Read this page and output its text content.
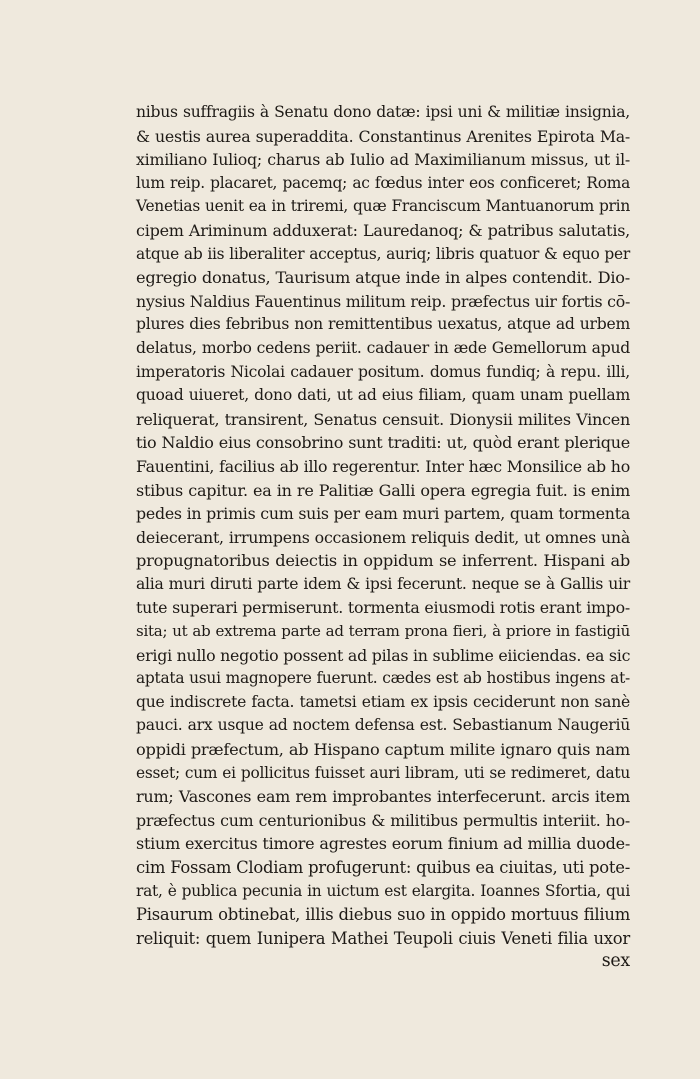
nibus suffragiis à Senatu dono datæ: ipsi uni & militiæ insignia,
& uestis aurea superaddita. Constantinus Arenites Epirota Ma-
ximiliano Iulioq; charus ab Iulio ad Maximilianum missus, ut il-
lum reip. placaret, pacemq; ac fœdus inter eos conficeret; Roma
Venetias uenit ea in triremi, quæ Franciscum Mantuanorum prin
cipem Ariminum adduxerat: Lauredanoq; & patribus salutatis,
atque ab iis liberaliter acceptus, auriq; libris quatuor & equo per
egregio donatus, Taurisum atque inde in alpes contendit. Dio-
nysius Naldius Fauentinus militum reip. præfectus uir fortis cō-
plures dies febribus non remittentibus uexatus, atque ad urbem
delatus, morbo cedens periit. cadauer in æde Gemellorum apud
imperatoris Nicolai cadauer positum. domus fundiq; à repu. illi,
quoad uiueret, dono dati, ut ad eius filiam, quam unam puellam
reliquerat, transirent, Senatus censuit. Dionysii milites Vincen
tio Naldio eius consobrino sunt traditi: ut, quòd erant plerique
Fauentini, facilius ab illo regerentur. Inter hæc Monsilice ab ho
stibus capitur. ea in re Palitiæ Galli opera egregia fuit. is enim
pedes in primis cum suis per eam muri partem, quam tormenta
deiecerant, irrumpens occasionem reliquis dedit, ut omnes unà
propugnatoribus deiectis in oppidum se inferrent. Hispani ab
alia muri diruti parte idem & ipsi fecerunt. neque se à Gallis uir
tute superari permiserunt. tormenta eiusmodi rotis erant impo-
sita; ut ab extrema parte ad terram prona fieri, à priore in fastigiū
erigi nullo negotio possent ad pilas in sublime eiiciendas. ea sic
aptata usui magnopere fuerunt. cædes est ab hostibus ingens at-
que indiscrete facta. tametsi etiam ex ipsis ceciderunt non sanè
pauci. arx usque ad noctem defensa est. Sebastianum Naugeriū
oppidi præfectum, ab Hispano captum milite ignaro quis nam
esset; cum ei pollicitus fuisset auri libram, uti se redimeret, datu
rum; Vascones eam rem improbantes interfecerunt. arcis item
præfectus cum centurionibus & militibus permultis interiit. ho-
stium exercitus timore agrestes eorum finium ad millia duode-
cim Fossam Clodiam profugerunt: quibus ea ciuitas, uti pote-
rat, è publica pecunia in uictum est elargita. Ioannes Sfortia, qui
Pisaurum obtinebat, illis diebus suo in oppido mortuus filium
reliquit: quem Iunipera Mathei Teupoli ciuis Veneti filia uxor
sex
